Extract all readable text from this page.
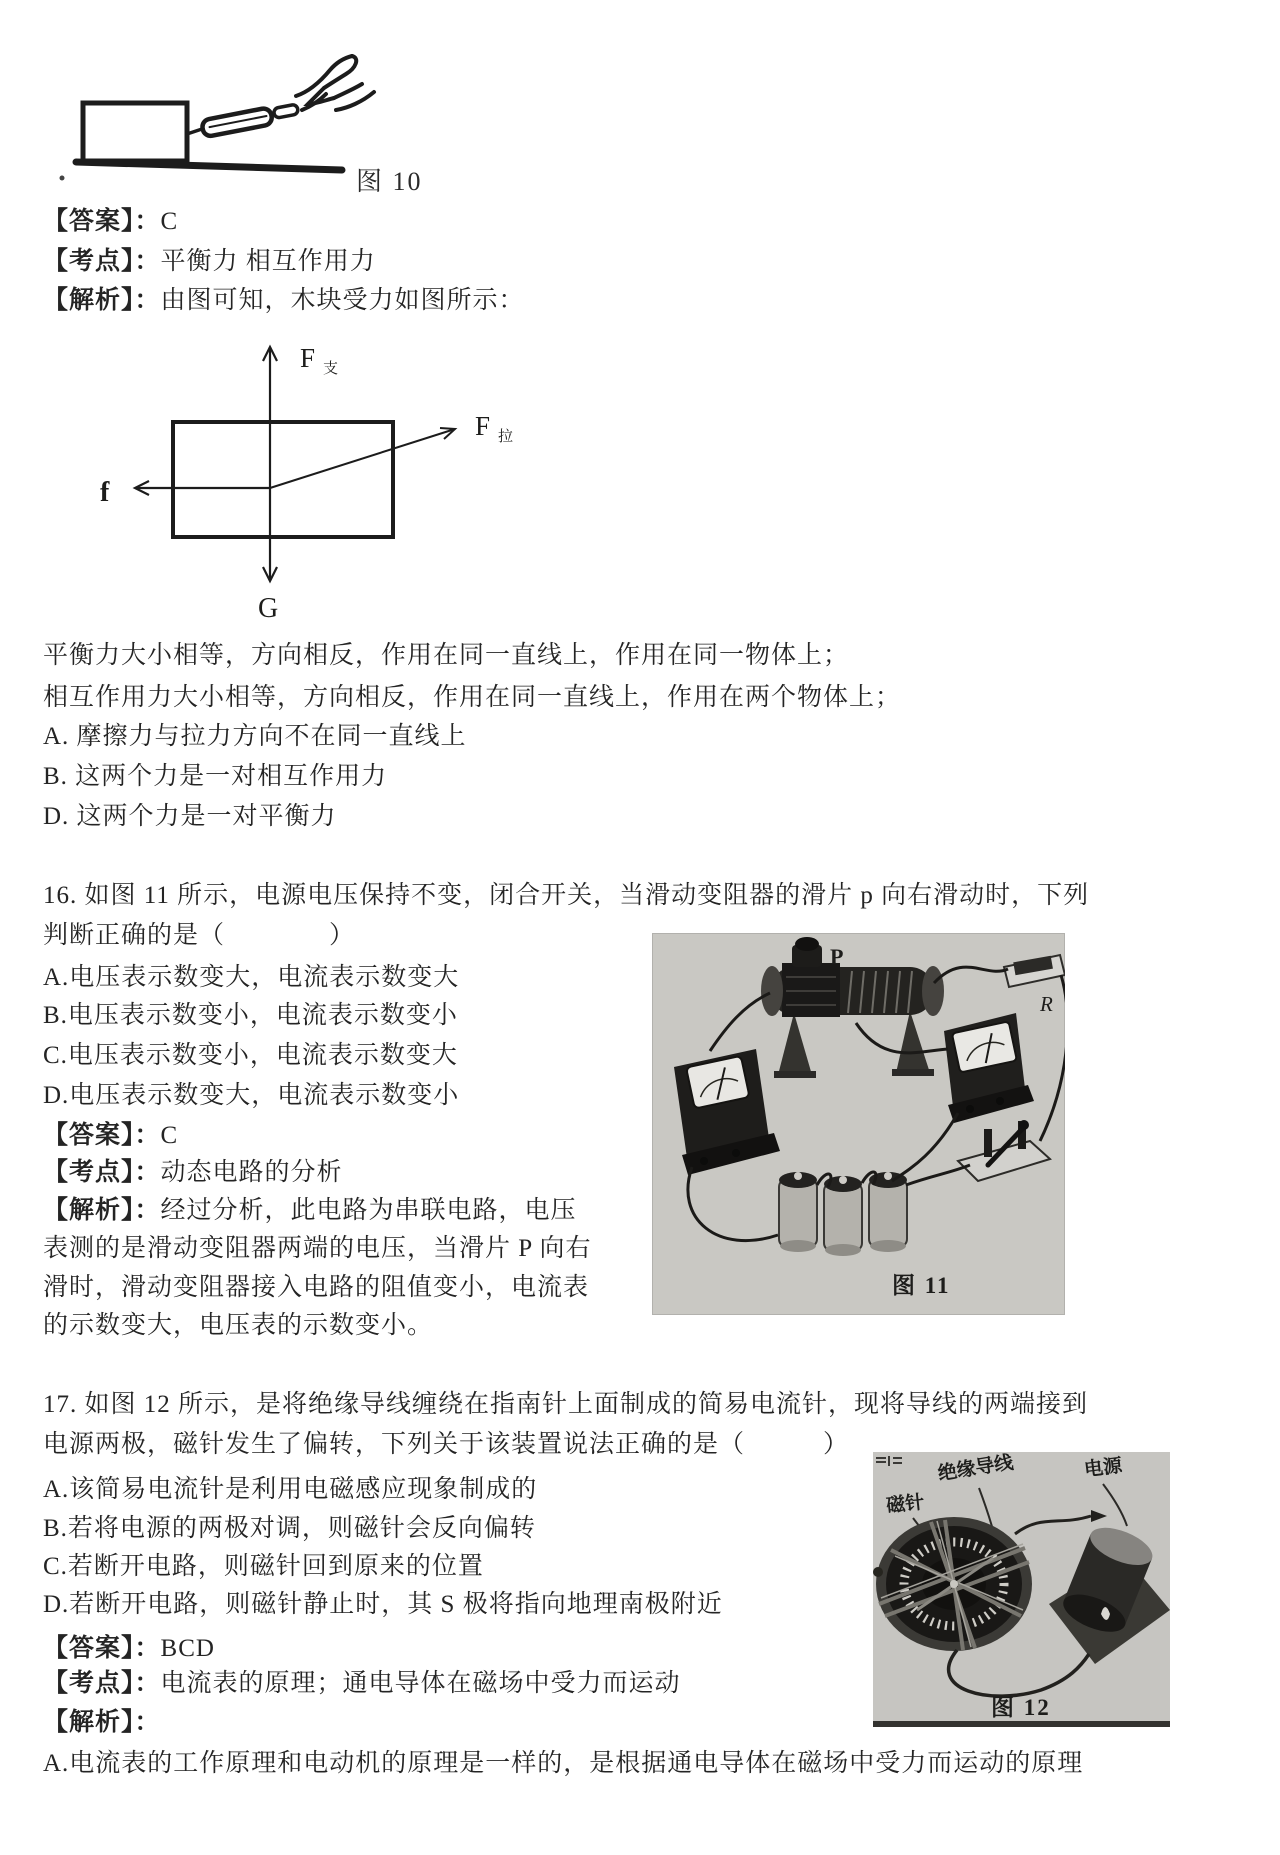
图 10
【答案】：C
【考点】：平衡力 相互作用力
【解析】：由图可知，木块受力如图所示：
F 支
F 拉
f
G
平衡力大小相等，方向相反，作用在同一直线上，作用在同一物体上；
相互作用力大小相等，方向相反，作用在同一直线上，作用在两个物体上；
A. 摩擦力与拉力方向不在同一直线上
B. 这两个力是一对相互作用力
D. 这两个力是一对平衡力
16. 如图 11 所示，电源电压保持不变，闭合开关，当滑动变阻器的滑片 p 向右滑动时，下列
判断正确的是（　　　　）
A.电压表示数变大，电流表示数变大
B.电压表示数变小，电流表示数变小
C.电压表示数变小，电流表示数变大
D.电压表示数变大，电流表示数变小
【答案】：C
【考点】：动态电路的分析
【解析】：经过分析，此电路为串联电路，电压
表测的是滑动变阻器两端的电压，当滑片 P 向右
滑时，滑动变阻器接入电路的阻值变小，电流表
的示数变大，电压表的示数变小。
P
R
图 11
17. 如图 12 所示，是将绝缘导线缠绕在指南针上面制成的简易电流针，现将导线的两端接到
电源两极，磁针发生了偏转，下列关于该装置说法正确的是（　　　）
A.该简易电流针是利用电磁感应现象制成的
B.若将电源的两极对调，则磁针会反向偏转
C.若断开电路，则磁针回到原来的位置
D.若断开电路，则磁针静止时，其 S 极将指向地理南极附近
【答案】：BCD
【考点】：电流表的原理；通电导体在磁场中受力而运动
【解析】：
A.电流表的工作原理和电动机的原理是一样的，是根据通电导体在磁场中受力而运动的原理
磁针
绝缘导线	电源
图 12
